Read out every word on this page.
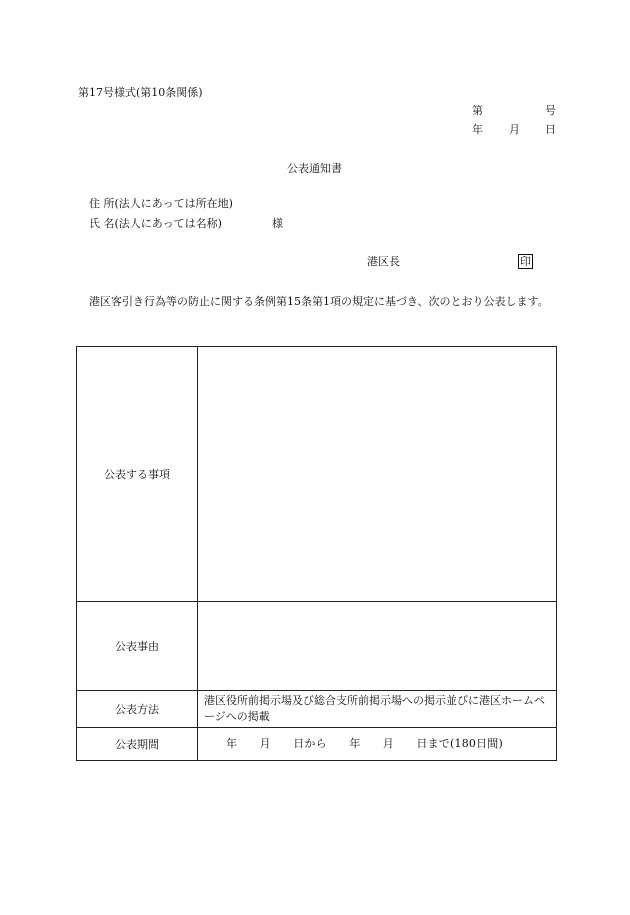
第17号様式(第10条関係)
第	号
年 月 日
公表通知書
住 所(法人にあっては所在地)
氏 名(法人にあっては名称)	様
港区長	印
港区客引き行為等の防止に関する条例第15条第1項の規定に基づき、次のとおり公表します。
公表する事項	
公表事由	
公表方法	港区役所前掲示場及び総合支所前掲示場への掲示並びに港区ホームページへの掲載
公表期間	年　　月　　日から　　年　　月　　日まで(180日間)
